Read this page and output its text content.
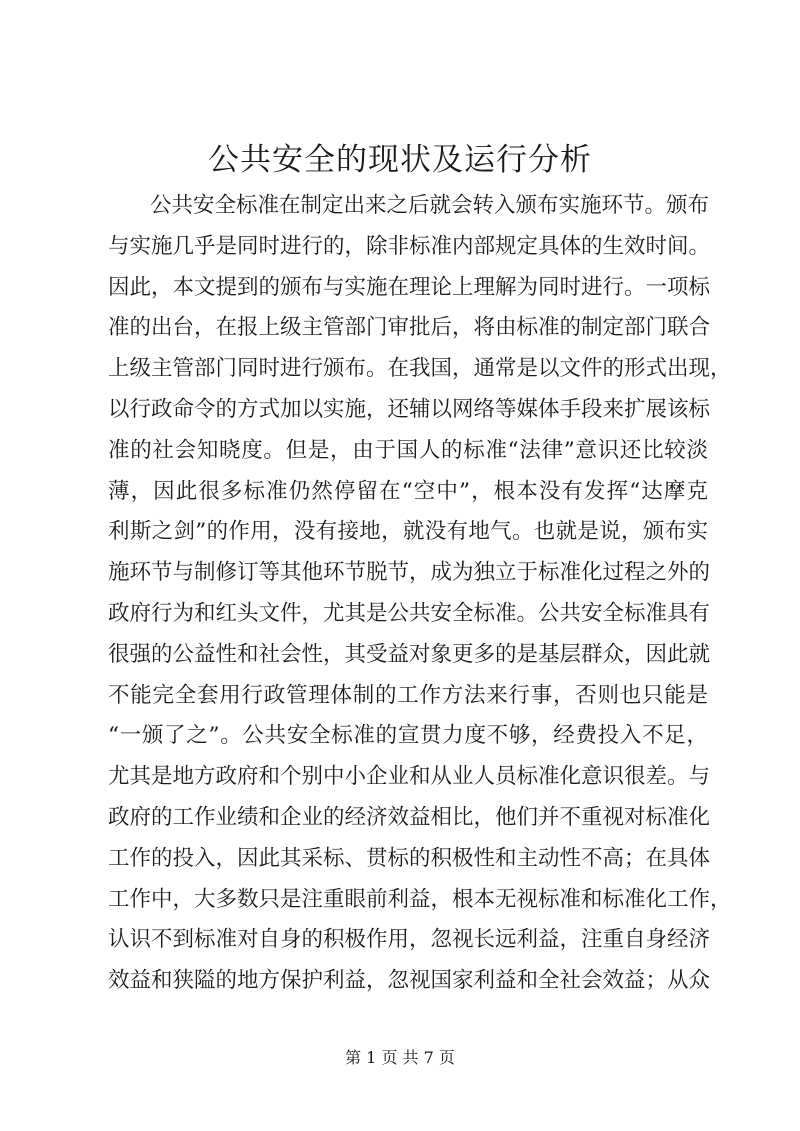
公共安全的现状及运行分析
公共安全标准在制定出来之后就会转入颁布实施环节。颁布
与实施几乎是同时进行的，除非标准内部规定具体的生效时间。
因此，本文提到的颁布与实施在理论上理解为同时进行。一项标
准的出台，在报上级主管部门审批后，将由标准的制定部门联合
上级主管部门同时进行颁布。在我国，通常是以文件的形式出现，
以行政命令的方式加以实施，还辅以网络等媒体手段来扩展该标
准的社会知晓度。但是，由于国人的标准“法律”意识还比较淡
薄，因此很多标准仍然停留在“空中”，根本没有发挥“达摩克
利斯之剑”的作用，没有接地，就没有地气。也就是说，颁布实
施环节与制修订等其他环节脱节，成为独立于标准化过程之外的
政府行为和红头文件，尤其是公共安全标准。公共安全标准具有
很强的公益性和社会性，其受益对象更多的是基层群众，因此就
不能完全套用行政管理体制的工作方法来行事，否则也只能是
“一颁了之”。公共安全标准的宣贯力度不够，经费投入不足，
尤其是地方政府和个别中小企业和从业人员标准化意识很差。与
政府的工作业绩和企业的经济效益相比，他们并不重视对标准化
工作的投入，因此其采标、贯标的积极性和主动性不高；在具体
工作中，大多数只是注重眼前利益，根本无视标准和标准化工作，
认识不到标准对自身的积极作用，忽视长远利益，注重自身经济
效益和狭隘的地方保护利益，忽视国家利益和全社会效益；从众
第 1 页 共 7 页
